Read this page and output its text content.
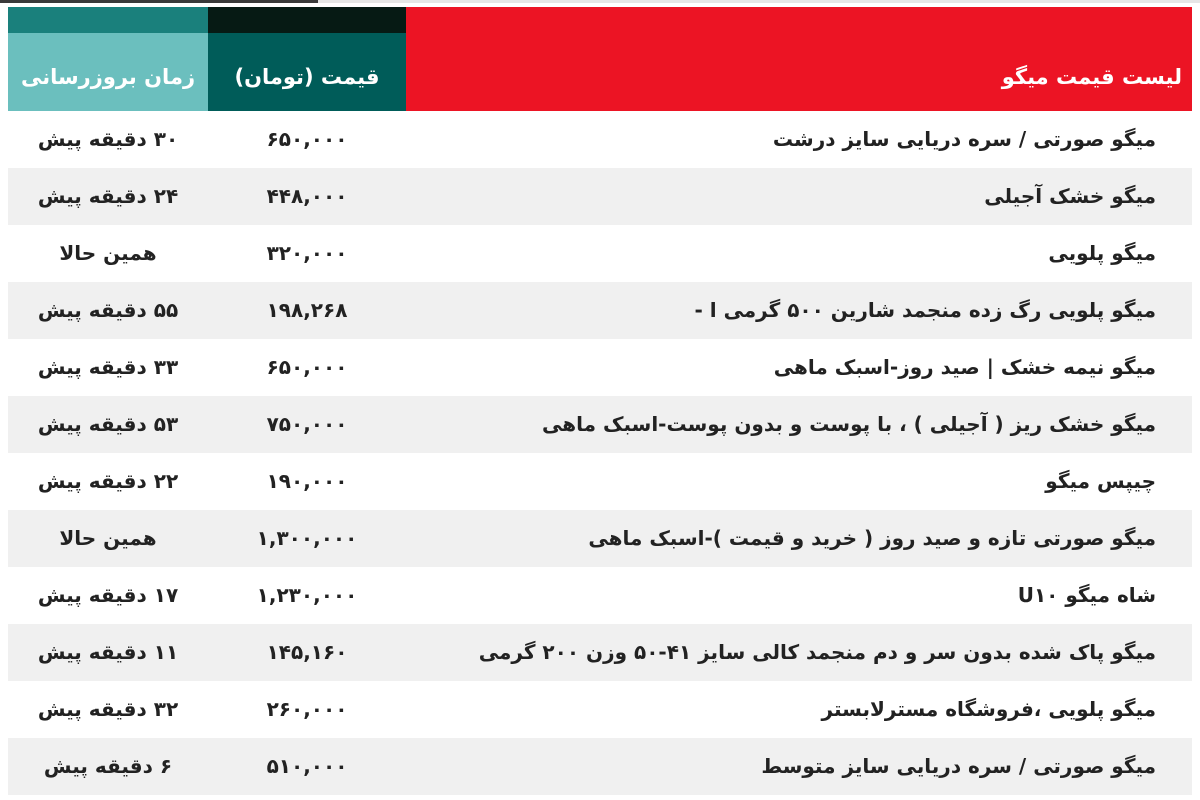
زمان بروزرسانی	قیمت (تومان)	لیست قیمت میگو
میگو صورتی / سره دریایی سایز درشت
۶۵۰,۰۰۰
۳۰ دقیقه پیش
میگو خشک آجیلی
۴۴۸,۰۰۰
۲۴ دقیقه پیش
میگو پلویی
۳۲۰,۰۰۰
همین حالا
میگو پلویی رگ زده منجمد شارین ۵۰۰ گرمی ا -
۱۹۸,۲۶۸
۵۵ دقیقه پیش
میگو نیمه خشک | صید روز-اسبک ماهی
۶۵۰,۰۰۰
۳۳ دقیقه پیش
میگو خشک ریز ( آجیلی ) ، با پوست و بدون پوست-اسبک ماهی
۷۵۰,۰۰۰
۵۳ دقیقه پیش
چیپس میگو
۱۹۰,۰۰۰
۲۲ دقیقه پیش
میگو صورتی تازه و صید روز ( خرید و قیمت )-اسبک ماهی
۱,۳۰۰,۰۰۰
همین حالا
شاه میگو U۱۰
۱,۲۳۰,۰۰۰
۱۷ دقیقه پیش
میگو پاک شده بدون سر و دم منجمد کالی سایز ۴۱-۵۰ وزن ۲۰۰ گرمی
۱۴۵,۱۶۰
۱۱ دقیقه پیش
میگو پلویی ،فروشگاه مسترلابستر
۲۶۰,۰۰۰
۳۲ دقیقه پیش
میگو صورتی / سره دریایی سایز متوسط
۵۱۰,۰۰۰
۶ دقیقه پیش
